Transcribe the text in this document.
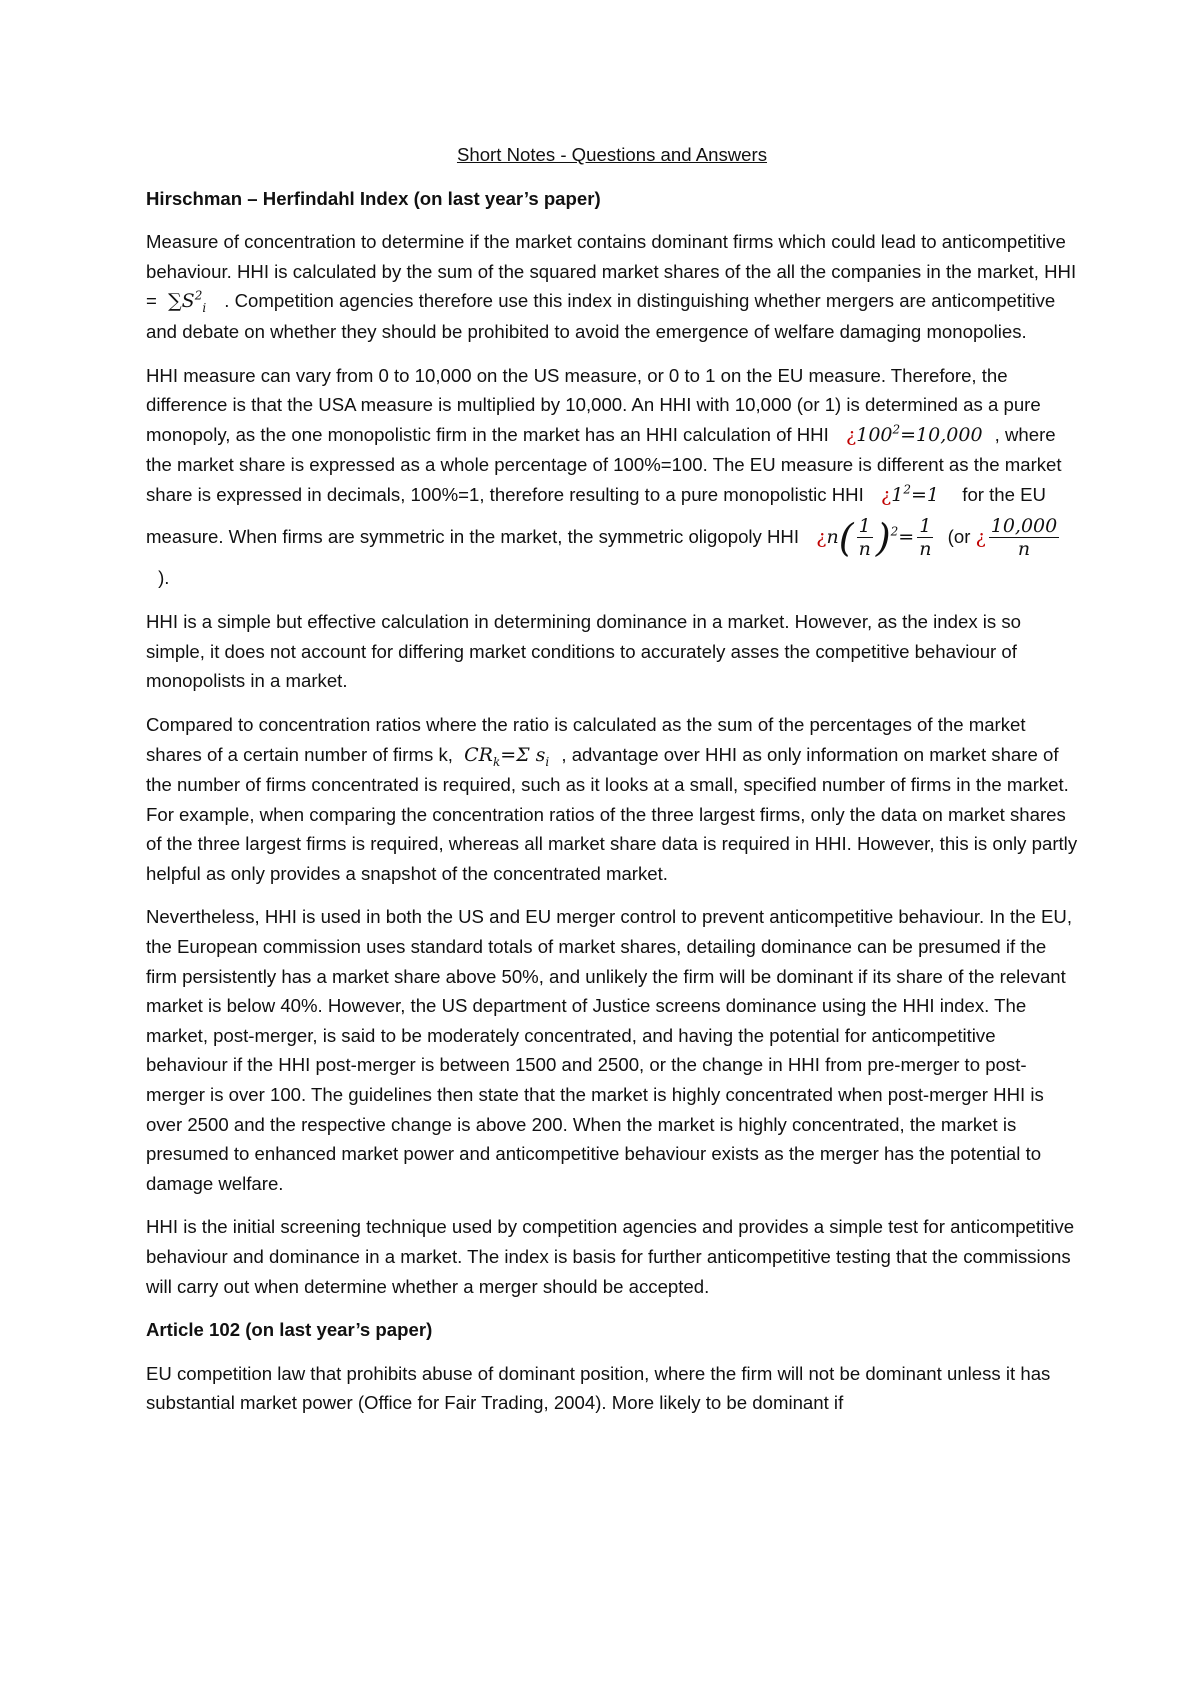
Short Notes - Questions and Answers
Hirschman – Herfindahl Index (on last year’s paper)

Measure of concentration to determine if the market contains dominant firms which could lead to anticompetitive behaviour. HHI is calculated by the sum of the squared market shares of the all the companies in the market, HHI =  $\sum S^2_i$ . Competition agencies therefore use this index in distinguishing whether mergers are anticompetitive and debate on whether they should be prohibited to avoid the emergence of welfare damaging monopolies.

HHI measure can vary from 0 to 10,000 on the US measure, or 0 to 1 on the EU measure. Therefore, the difference is that the USA measure is multiplied by 10,000. An HHI with 10,000 (or 1) is determined as a pure monopoly, as the one monopolistic firm in the market has an HHI calculation of HHI   ¿$100^2=10,000$ , where the market share is expressed as a whole percentage of 100%=100. The EU measure is different as the market share is expressed in decimals, 100%=1, therefore resulting to a pure monopolistic HHI   ¿$1^2=1$    for the EU measure. When firms are symmetric in the market, the symmetric oligopoly HHI   ¿$n( \frac{1}{n} )^2= \frac{1}{n} (or$ ¿ $\frac{10,000}{n}$
).

HHI is a simple but effective calculation in determining dominance in a market. However, as the index is so simple, it does not account for differing market conditions to accurately asses the competitive behaviour of monopolists in a market.

Compared to concentration ratios where the ratio is calculated as the sum of the percentages of the market shares of a certain number of firms k,  $CR_k=\Sigma$ $s_i$ , advantage over HHI as only information on market share of the number of firms concentrated is required, such as it looks at a small, specified number of firms in the market. For example, when comparing the concentration ratios of the three largest firms, only the data on market shares of the three largest firms is required, whereas all market share data is required in HHI. However, this is only partly helpful as only provides a snapshot of the concentrated market.

Nevertheless, HHI is used in both the US and EU merger control to prevent anticompetitive behaviour. In the EU, the European commission uses standard totals of market shares, detailing dominance can be presumed if the firm persistently has a market share above 50%, and unlikely the firm will be dominant if its share of the relevant market is below 40%. However, the US department of Justice screens dominance using the HHI index. The market, post-merger, is said to be moderately concentrated, and having the potential for anticompetitive behaviour if the HHI post-merger is between 1500 and 2500, or the change in HHI from pre-merger to post-merger is over 100. The guidelines then state that the market is highly concentrated when post-merger HHI is over 2500 and the respective change is above 200. When the market is highly concentrated, the market is presumed to enhanced market power and anticompetitive behaviour exists as the merger has the potential to damage welfare.

HHI is the initial screening technique used by competition agencies and provides a simple test for anticompetitive behaviour and dominance in a market. The index is basis for further anticompetitive testing that the commissions will carry out when determine whether a merger should be accepted.

Article 102 (on last year’s paper)

EU competition law that prohibits abuse of dominant position, where the firm will not be dominant unless it has substantial market power (Office for Fair Trading, 2004). More likely to be dominant if
